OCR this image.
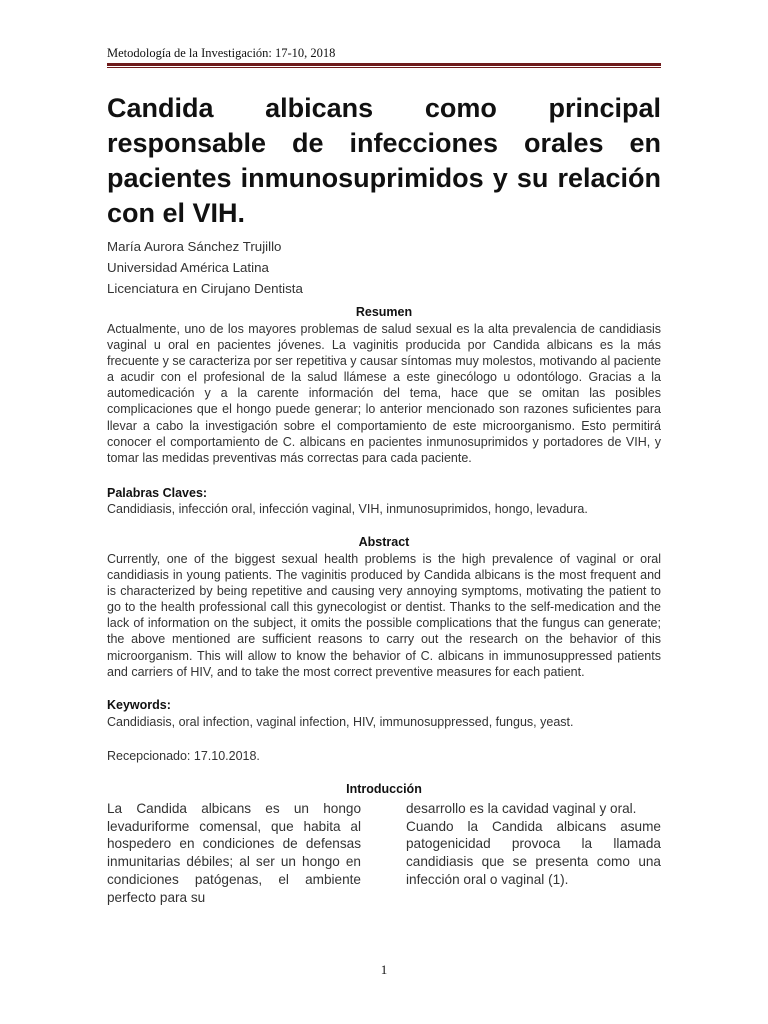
Metodología de la Investigación: 17-10, 2018
Candida albicans como principal responsable de infecciones orales en pacientes inmunosuprimidos y su relación con el VIH.
María Aurora Sánchez Trujillo
Universidad América Latina
Licenciatura en Cirujano Dentista
Resumen

Actualmente, uno de los mayores problemas de salud sexual es la alta prevalencia de candidiasis vaginal u oral en pacientes jóvenes. La vaginitis producida por Candida albicans es la más frecuente y se caracteriza por ser repetitiva y causar síntomas muy molestos, motivando al paciente a acudir con el profesional de la salud llámese a este ginecólogo u odontólogo. Gracias a la automedicación y a la carente información del tema, hace que se omitan las posibles complicaciones que el hongo puede generar; lo anterior mencionado son razones suficientes para llevar a cabo la investigación sobre el comportamiento de este microorganismo. Esto permitirá conocer el comportamiento de C. albicans en pacientes inmunosuprimidos y portadores de VIH, y tomar las medidas preventivas más correctas para cada paciente.

Palabras Claves:
Candidiasis, infección oral, infección vaginal, VIH, inmunosuprimidos, hongo, levadura.
Abstract

Currently, one of the biggest sexual health problems is the high prevalence of vaginal or oral candidiasis in young patients. The vaginitis produced by Candida albicans is the most frequent and is characterized by being repetitive and causing very annoying symptoms, motivating the patient to go to the health professional call this gynecologist or dentist. Thanks to the self-medication and the lack of information on the subject, it omits the possible complications that the fungus can generate; the above mentioned are sufficient reasons to carry out the research on the behavior of this microorganism. This will allow to know the behavior of C. albicans in immunosuppressed patients and carriers of HIV, and to take the most correct preventive measures for each patient.

Keywords:
Candidiasis, oral infection, vaginal infection, HIV, immunosuppressed, fungus, yeast.
Recepcionado: 17.10.2018.
Introducción

La Candida albicans es un hongo levaduriforme comensal, que habita al hospedero en condiciones de defensas inmunitarias débiles; al ser un hongo en condiciones patógenas, el ambiente perfecto para su

desarrollo es la cavidad vaginal y oral.
Cuando la Candida albicans asume patogenicidad provoca la llamada candidiasis que se presenta como una infección oral o vaginal (1).
1
